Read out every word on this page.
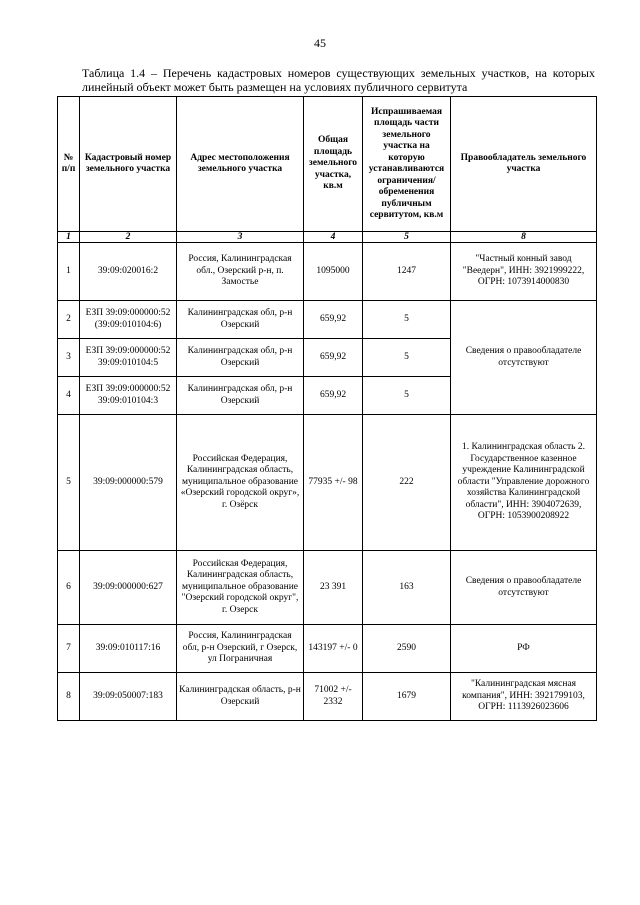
45
Таблица 1.4 – Перечень кадастровых номеров существующих земельных участков, на которых линейный объект может быть размещен на условиях публичного сервитута
№ п/п	Кадастровый номер земельного участка	Адрес местоположения земельного участка	Общая площадь земельного участка, кв.м	Испрашиваемая площадь части земельного участка на которую устанавливаются ограничения/ обременения публичным сервитутом, кв.м	Правообладатель земельного участка
1	2	3	4	5	8
1	39:09:020016:2	Россия, Калининградская обл., Озерский р-н, п. Замостье	1095000	1247	"Частный конный завод "Веедерн", ИНН: 3921999222, ОГРН: 1073914000830
2	ЕЗП 39:09:000000:52 (39:09:010104:6)	Калининградская обл, р-н Озерский	659,92	5	Сведения о правообладателе отсутствуют
3	ЕЗП 39:09:000000:52 39:09:010104:5	Калининградская обл, р-н Озерский	659,92	5	
4	ЕЗП 39:09:000000:52 39:09:010104:3	Калининградская обл, р-н Озерский	659,92	5	
5	39:09:000000:579	Российская Федерация, Калининградская область, муниципальное образование «Озерский городской округ», г. Озёрск	77935 +/- 98	222	1. Калининградская область 2. Государственное казенное учреждение Калининградской области "Управление дорожного хозяйства Калининградской области", ИНН: 3904072639, ОГРН: 1053900208922
6	39:09:000000:627	Российская Федерация, Калининградская область, муниципальное образование "Озерский городской округ", г. Озерск	23 391	163	Сведения о правообладателе отсутствуют
7	39:09:010117:16	Россия, Калининградская обл, р-н Озерский, г Озерск, ул Пограничная	143197 +/- 0	2590	РФ
8	39:09:050007:183	Калининградская область, р-н Озерский	71002 +/- 2332	1679	"Калининградская мясная компания", ИНН: 3921799103, ОГРН: 1113926023606
